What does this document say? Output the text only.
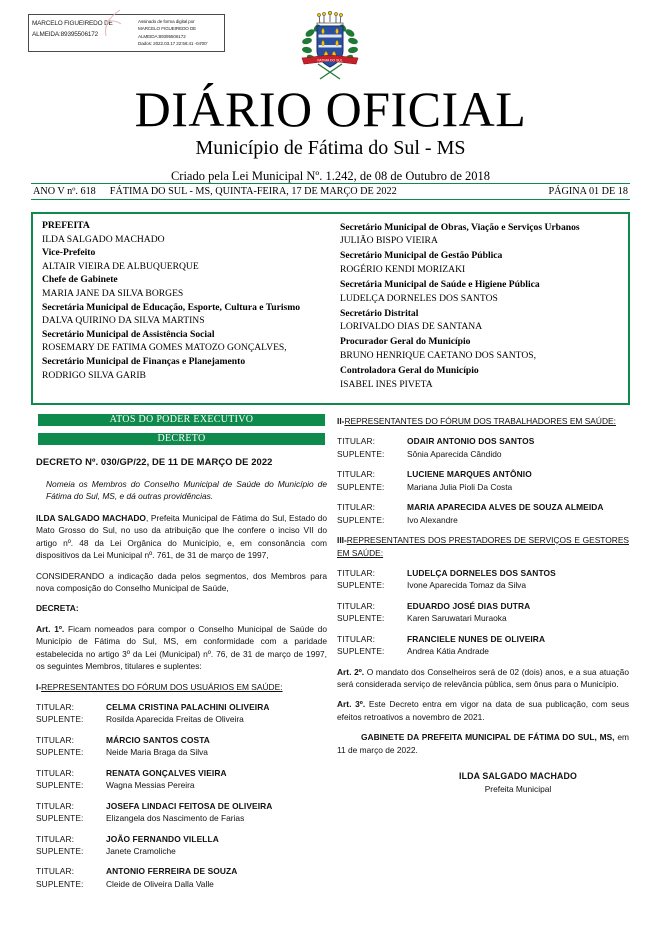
MARCELO FIGUEIREDO DE
ALMEIDA:89395506172
Assinado de forma digital por
MARCELO FIGUEIREDO DE
ALMEIDA:89395506172
Dados: 2022.03.17 22:56:41 -04'00'
FATIMA DO SUL
DIÁRIO OFICIAL
Município de Fátima do Sul - MS
Criado pela Lei Municipal Nº. 1.242, de 08 de Outubro de 2018
ANO V nº. 618 FÁTIMA DO SUL - MS, QUINTA-FEIRA, 17 DE MARÇO DE 2022	PÁGINA 01 DE 18
PREFEITA
ILDA SALGADO MACHADO
Vice-Prefeito
ALTAIR VIEIRA DE ALBUQUERQUE
Chefe de Gabinete
MARIA JANE DA SILVA BORGES
Secretária Municipal de Educação, Esporte, Cultura e Turismo
DALVA QUIRINO DA SILVA MARTINS
Secretário Municipal de Assistência Social
ROSEMARY DE FATIMA GOMES MATOZO GONÇALVES,
Secretário Municipal de Finanças e Planejamento
RODRIGO SILVA GARIB
Secretário Municipal de Obras, Viação e Serviços Urbanos
JULIÃO BISPO VIEIRA
Secretário Municipal de Gestão Pública
ROGÉRIO KENDI MORIZAKI
Secretária Municipal de Saúde e Higiene Pública
LUDELÇA DORNELES DOS SANTOS
Secretário Distrital
LORIVALDO DIAS DE SANTANA
Procurador Geral do Município
BRUNO HENRIQUE CAETANO DOS SANTOS,
Controladora Geral do Município
ISABEL INES PIVETA
ATOS DO PODER EXECUTIVO
DECRETO
DECRETO Nº. 030/GP/22, DE 11 DE MARÇO DE 2022
Nomeia os Membros do Conselho Municipal de Saúde do Município de Fátima do Sul, MS, e dá outras providências.

ILDA SALGADO MACHADO, Prefeita Municipal de Fátima do Sul, Estado do Mato Grosso do Sul, no uso da atribuição que lhe confere o inciso VII do artigo nº. 48 da Lei Orgânica do Município, e, em consonância com dispositivos da Lei Municipal nº. 761, de 31 de março de 1997,

CONSIDERANDO a indicação dada pelos segmentos, dos Membros para nova composição do Conselho Municipal de Saúde,

DECRETA:

Art. 1º. Ficam nomeados para compor o Conselho Municipal de Saúde do Município de Fátima do Sul, MS, em conformidade com a paridade estabelecida no artigo 3º da Lei (Municipal) nº. 76, de 31 de março de 1997, os seguintes Membros, titulares e suplentes:

I-REPRESENTANTES DO FÓRUM DOS USUÁRIOS EM SAÚDE:

TITULAR:	CELMA CRISTINA PALACHINI OLIVEIRA
SUPLENTE:	Rosilda Aparecida Freitas de Oliveira
TITULAR:	MÁRCIO SANTOS COSTA
SUPLENTE:	Neide Maria Braga da Silva
TITULAR:	RENATA GONÇALVES VIEIRA
SUPLENTE:	Wagna Messias Pereira
TITULAR:	JOSEFA LINDACI FEITOSA DE OLIVEIRA
SUPLENTE:	Elizangela dos Nascimento de Farias
TITULAR:	JOÃO FERNANDO VILELLA
SUPLENTE:	Janete Cramoliche
TITULAR:	ANTONIO FERREIRA DE SOUZA
SUPLENTE:	Cleide de Oliveira Dalla Valle

II-REPRESENTANTES DO FÓRUM DOS TRABALHADORES EM SAÚDE:

TITULAR:	ODAIR ANTONIO DOS SANTOS
SUPLENTE:	Sônia Aparecida Cândido
TITULAR:	LUCIENE MARQUES ANTÔNIO
SUPLENTE:	Mariana Julia Pioli Da Costa
TITULAR:	MARIA APARECIDA ALVES DE SOUZA ALMEIDA
SUPLENTE:	Ivo Alexandre

III-REPRESENTANTES DOS PRESTADORES DE SERVIÇOS E GESTORES EM SAÚDE:

TITULAR:	LUDELÇA DORNELES DOS SANTOS
SUPLENTE:	Ivone Aparecida Tomaz da Silva
TITULAR:	EDUARDO JOSÉ DIAS DUTRA
SUPLENTE:	Karen Saruwatari Muraoka
TITULAR:	FRANCIELE NUNES DE OLIVEIRA
SUPLENTE:	Andrea Kátia Andrade

Art. 2º. O mandato dos Conselheiros será de 02 (dois) anos, e a sua atuação será considerada serviço de relevância pública, sem ônus para o Município.

Art. 3º. Este Decreto entra em vigor na data de sua publicação, com seus efeitos retroativos a novembro de 2021.

GABINETE DA PREFEITA MUNICIPAL DE FÁTIMA DO SUL, MS, em 11 de março de 2022.

ILDA SALGADO MACHADO
Prefeita Municipal
